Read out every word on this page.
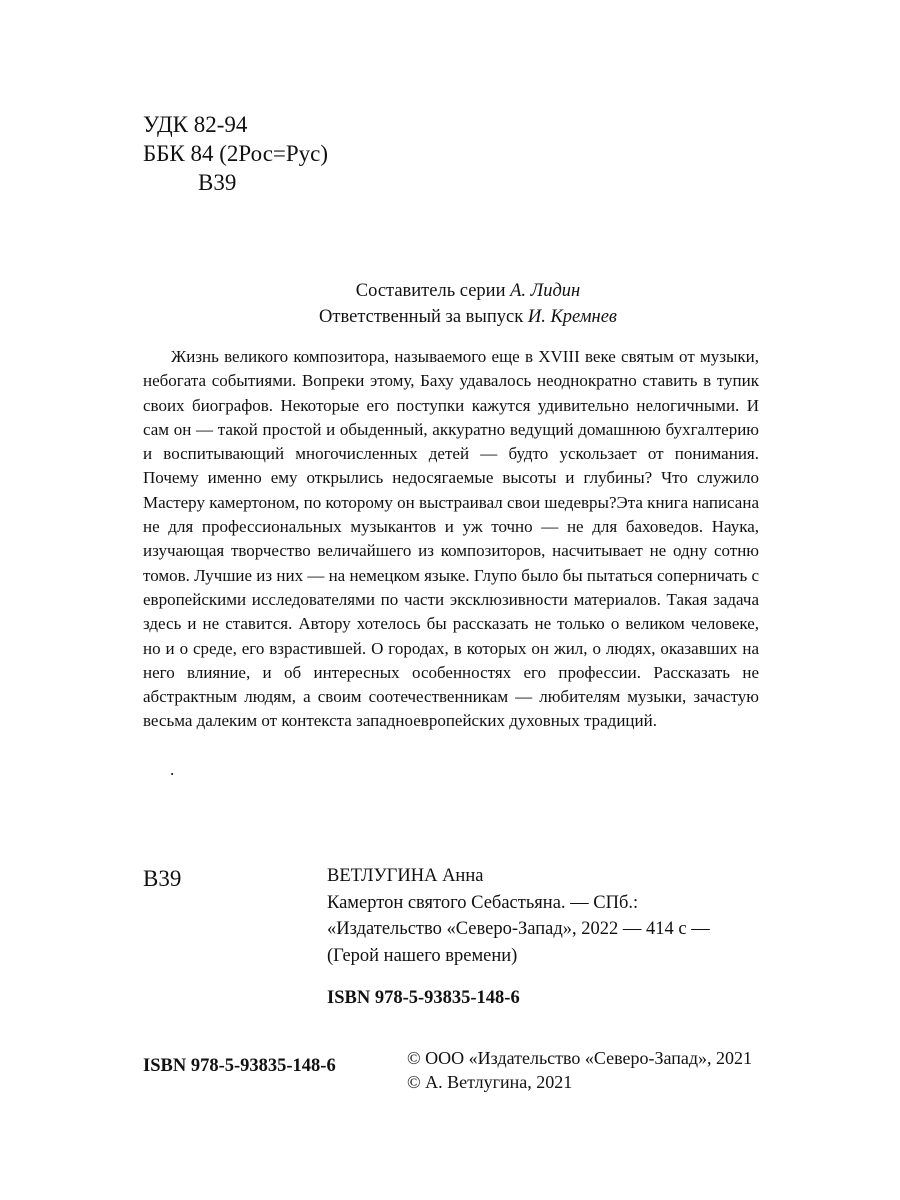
УДК 82-94
ББК 84 (2Рос=Рус)
В39
Составитель серии А. Лидин
Ответственный за выпуск И. Кремнев

Жизнь великого композитора, называемого еще в XVIII веке святым от музыки, небогата событиями. Вопреки этому, Баху удавалось неоднократно ставить в тупик своих биографов. Некоторые его поступки кажутся удивительно нелогичными. И сам он — такой простой и обыденный, аккуратно ведущий домашнюю бухгалтерию и воспитывающий многочисленных детей — будто ускользает от понимания. Почему именно ему открылись недосягаемые высоты и глубины? Что служило Мастеру камертоном, по которому он выстраивал свои шедевры?Эта книга написана не для профессиональных музыкантов и уж точно — не для баховедов. Наука, изучающая творчество величайшего из композиторов, насчитывает не одну сотню томов. Лучшие из них — на немецком языке. Глупо было бы пытаться соперничать с европейскими исследователями по части эксклюзивности материалов. Такая задача здесь и не ставится. Автору хотелось бы рассказать не только о великом человеке, но и о среде, его взрастившей. О городах, в которых он жил, о людях, оказавших на него влияние, и об интересных особенностях его профессии. Рассказать не абстрактным людям, а своим соотечественникам — любителям музыки, зачастую весьма далеким от контекста западноевропейских духовных традиций.

.
В39	ВЕТЛУГИНА Анна
Камертон святого Себастьяна. — СПб.:
«Издательство «Северо-Запад», 2022 — 414 с —
(Герой нашего времени)
ISBN 978-5-93835-148-6
ISBN 978-5-93835-148-6	© ООО «Издательство «Северо-Запад», 2021
© А. Ветлугина, 2021
